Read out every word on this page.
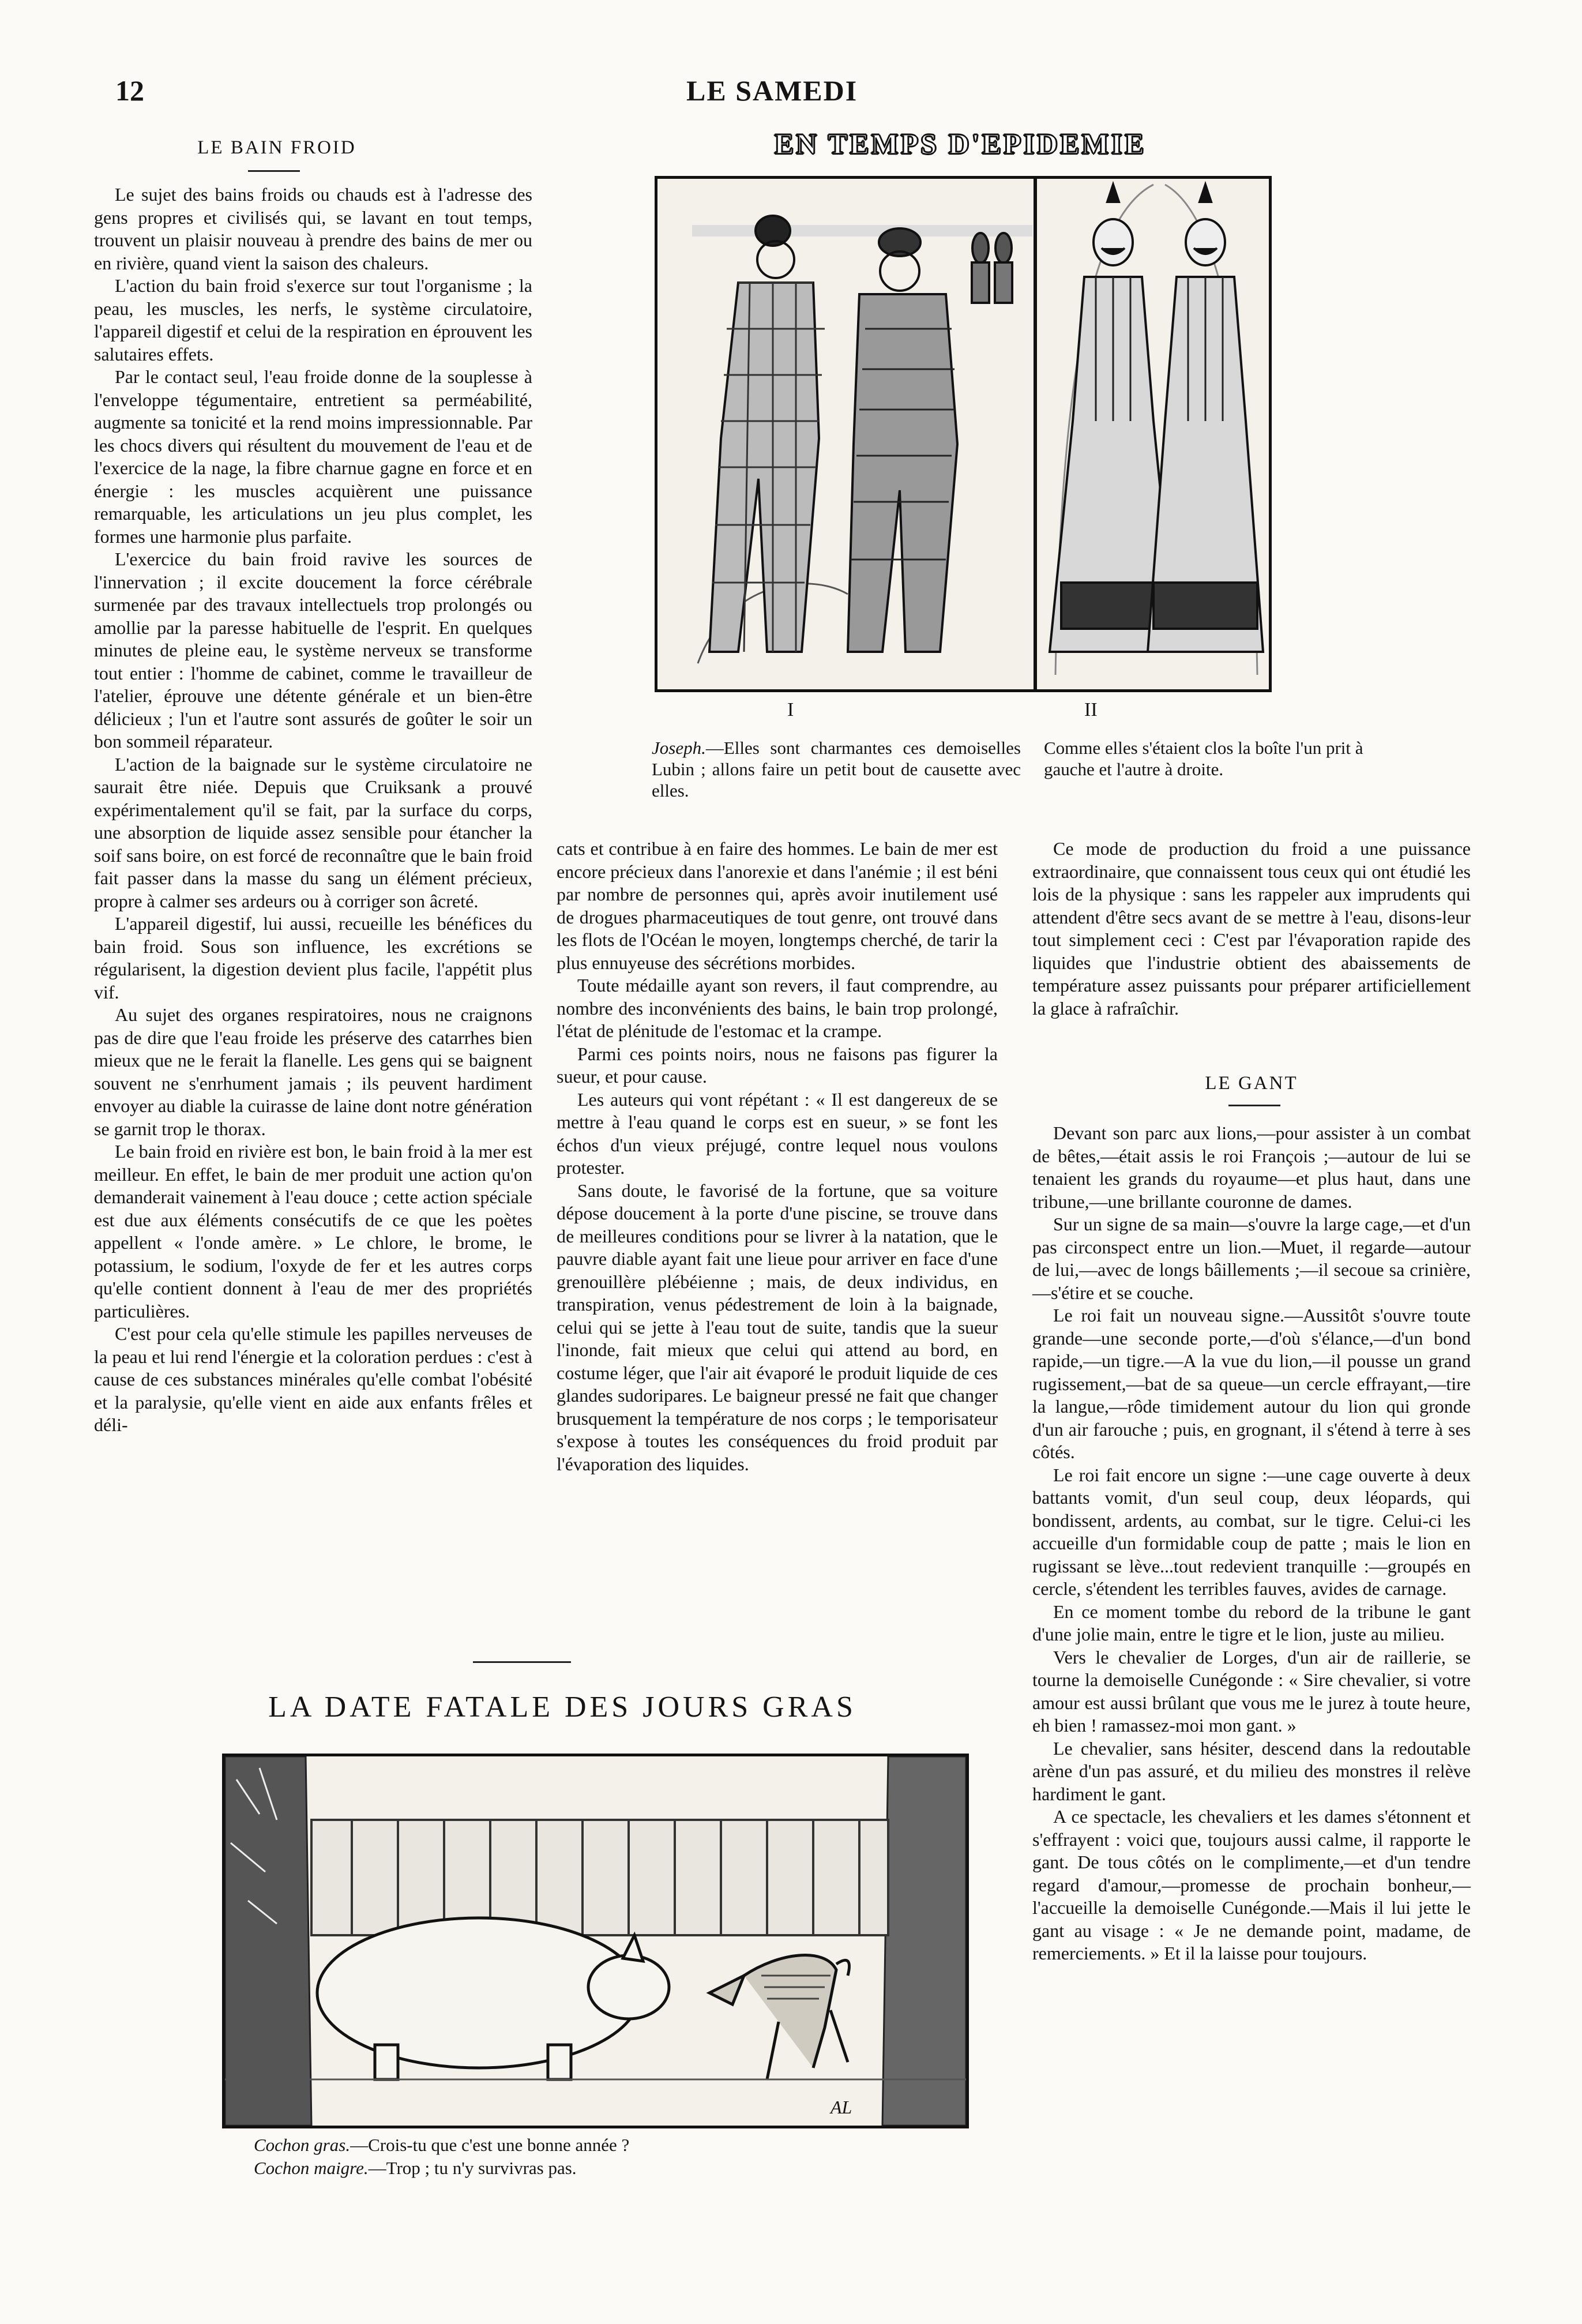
12	LE SAMEDI
LE BAIN FROID

Le sujet des bains froids ou chauds est à l'adresse des gens propres et civilisés qui, se lavant en tout temps, trouvent un plaisir nouveau à prendre des bains de mer ou en rivière, quand vient la saison des chaleurs.

L'action du bain froid s'exerce sur tout l'organisme ; la peau, les muscles, les nerfs, le système circulatoire, l'appareil digestif et celui de la respiration en éprouvent les salutaires effets.

Par le contact seul, l'eau froide donne de la souplesse à l'enveloppe tégumentaire, entretient sa perméabilité, augmente sa tonicité et la rend moins impressionnable. Par les chocs divers qui résultent du mouvement de l'eau et de l'exercice de la nage, la fibre charnue gagne en force et en énergie : les muscles acquièrent une puissance remarquable, les articulations un jeu plus complet, les formes une harmonie plus parfaite.

L'exercice du bain froid ravive les sources de l'innervation ; il excite doucement la force cérébrale surmenée par des travaux intellectuels trop prolongés ou amollie par la paresse habituelle de l'esprit. En quelques minutes de pleine eau, le système nerveux se transforme tout entier : l'homme de cabinet, comme le travailleur de l'atelier, éprouve une détente générale et un bien-être délicieux ; l'un et l'autre sont assurés de goûter le soir un bon sommeil réparateur.

L'action de la baignade sur le système circulatoire ne saurait être niée. Depuis que Cruiksank a prouvé expérimentalement qu'il se fait, par la surface du corps, une absorption de liquide assez sensible pour étancher la soif sans boire, on est forcé de reconnaître que le bain froid fait passer dans la masse du sang un élément précieux, propre à calmer ses ardeurs ou à corriger son âcreté.

L'appareil digestif, lui aussi, recueille les bénéfices du bain froid. Sous son influence, les excrétions se régularisent, la digestion devient plus facile, l'appétit plus vif.

Au sujet des organes respiratoires, nous ne craignons pas de dire que l'eau froide les préserve des catarrhes bien mieux que ne le ferait la flanelle. Les gens qui se baignent souvent ne s'enrhument jamais ; ils peuvent hardiment envoyer au diable la cuirasse de laine dont notre génération se garnit trop le thorax.

Le bain froid en rivière est bon, le bain froid à la mer est meilleur. En effet, le bain de mer produit une action qu'on demanderait vainement à l'eau douce ; cette action spéciale est due aux éléments consécutifs de ce que les poètes appellent « l'onde amère. » Le chlore, le brome, le potassium, le sodium, l'oxyde de fer et les autres corps qu'elle contient donnent à l'eau de mer des propriétés particulières.

C'est pour cela qu'elle stimule les papilles nerveuses de la peau et lui rend l'énergie et la coloration perdues : c'est à cause de ces substances minérales qu'elle combat l'obésité et la paralysie, qu'elle vient en aide aux enfants frêles et déli-

EN TEMPS D'EPIDEMIE
I	II
Joseph.—Elles sont charmantes ces demoiselles Lubin ; allons faire un petit bout de causette avec elles.
Comme elles s'étaient clos la boîte l'un prit à gauche et l'autre à droite.

cats et contribue à en faire des hommes. Le bain de mer est encore précieux dans l'anorexie et dans l'anémie ; il est béni par nombre de personnes qui, après avoir inutilement usé de drogues pharmaceutiques de tout genre, ont trouvé dans les flots de l'Océan le moyen, longtemps cherché, de tarir la plus ennuyeuse des sécrétions morbides.

Toute médaille ayant son revers, il faut comprendre, au nombre des inconvénients des bains, le bain trop prolongé, l'état de plénitude de l'estomac et la crampe.

Parmi ces points noirs, nous ne faisons pas figurer la sueur, et pour cause.

Les auteurs qui vont répétant : « Il est dangereux de se mettre à l'eau quand le corps est en sueur, » se font les échos d'un vieux préjugé, contre lequel nous voulons protester.

Sans doute, le favorisé de la fortune, que sa voiture dépose doucement à la porte d'une piscine, se trouve dans de meilleures conditions pour se livrer à la natation, que le pauvre diable ayant fait une lieue pour arriver en face d'une grenouillère plébéienne ; mais, de deux individus, en transpiration, venus pédestrement de loin à la baignade, celui qui se jette à l'eau tout de suite, tandis que la sueur l'inonde, fait mieux que celui qui attend au bord, en costume léger, que l'air ait évaporé le produit liquide de ces glandes sudoripares. Le baigneur pressé ne fait que changer brusquement la température de nos corps ; le temporisateur s'expose à toutes les conséquences du froid produit par l'évaporation des liquides.

Ce mode de production du froid a une puissance extraordinaire, que connaissent tous ceux qui ont étudié les lois de la physique : sans les rappeler aux imprudents qui attendent d'être secs avant de se mettre à l'eau, disons-leur tout simplement ceci : C'est par l'évaporation rapide des liquides que l'industrie obtient des abaissements de température assez puissants pour préparer artificiellement la glace à rafraîchir.

LE GANT

Devant son parc aux lions,—pour assister à un combat de bêtes,—était assis le roi François ;—autour de lui se tenaient les grands du royaume—et plus haut, dans une tribune,—une brillante couronne de dames.

Sur un signe de sa main—s'ouvre la large cage,—et d'un pas circonspect entre un lion.—Muet, il regarde—autour de lui,—avec de longs bâillements ;—il secoue sa crinière,—s'étire et se couche.

Le roi fait un nouveau signe.—Aussitôt s'ouvre toute grande—une seconde porte,—d'où s'élance,—d'un bond rapide,—un tigre.—A la vue du lion,—il pousse un grand rugissement,—bat de sa queue—un cercle effrayant,—tire la langue,—rôde timidement autour du lion qui gronde d'un air farouche ; puis, en grognant, il s'étend à terre à ses côtés.

Le roi fait encore un signe :—une cage ouverte à deux battants vomit, d'un seul coup, deux léopards, qui bondissent, ardents, au combat, sur le tigre. Celui-ci les accueille d'un formidable coup de patte ; mais le lion en rugissant se lève...tout redevient tranquille :—groupés en cercle, s'étendent les terribles fauves, avides de carnage.

En ce moment tombe du rebord de la tribune le gant d'une jolie main, entre le tigre et le lion, juste au milieu.

Vers le chevalier de Lorges, d'un air de raillerie, se tourne la demoiselle Cunégonde : « Sire chevalier, si votre amour est aussi brûlant que vous me le jurez à toute heure, eh bien ! ramassez-moi mon gant. »

Le chevalier, sans hésiter, descend dans la redoutable arène d'un pas assuré, et du milieu des monstres il relève hardiment le gant.

A ce spectacle, les chevaliers et les dames s'étonnent et s'effrayent : voici que, toujours aussi calme, il rapporte le gant. De tous côtés on le complimente,—et d'un tendre regard d'amour,—promesse de prochain bonheur,—l'accueille la demoiselle Cunégonde.—Mais il lui jette le gant au visage : « Je ne demande point, madame, de remerciements. » Et il la laisse pour toujours.

LA DATE FATALE DES JOURS GRAS
AL
Cochon gras.—Crois-tu que c'est une bonne année ?
Cochon maigre.—Trop ; tu n'y survivras pas.
